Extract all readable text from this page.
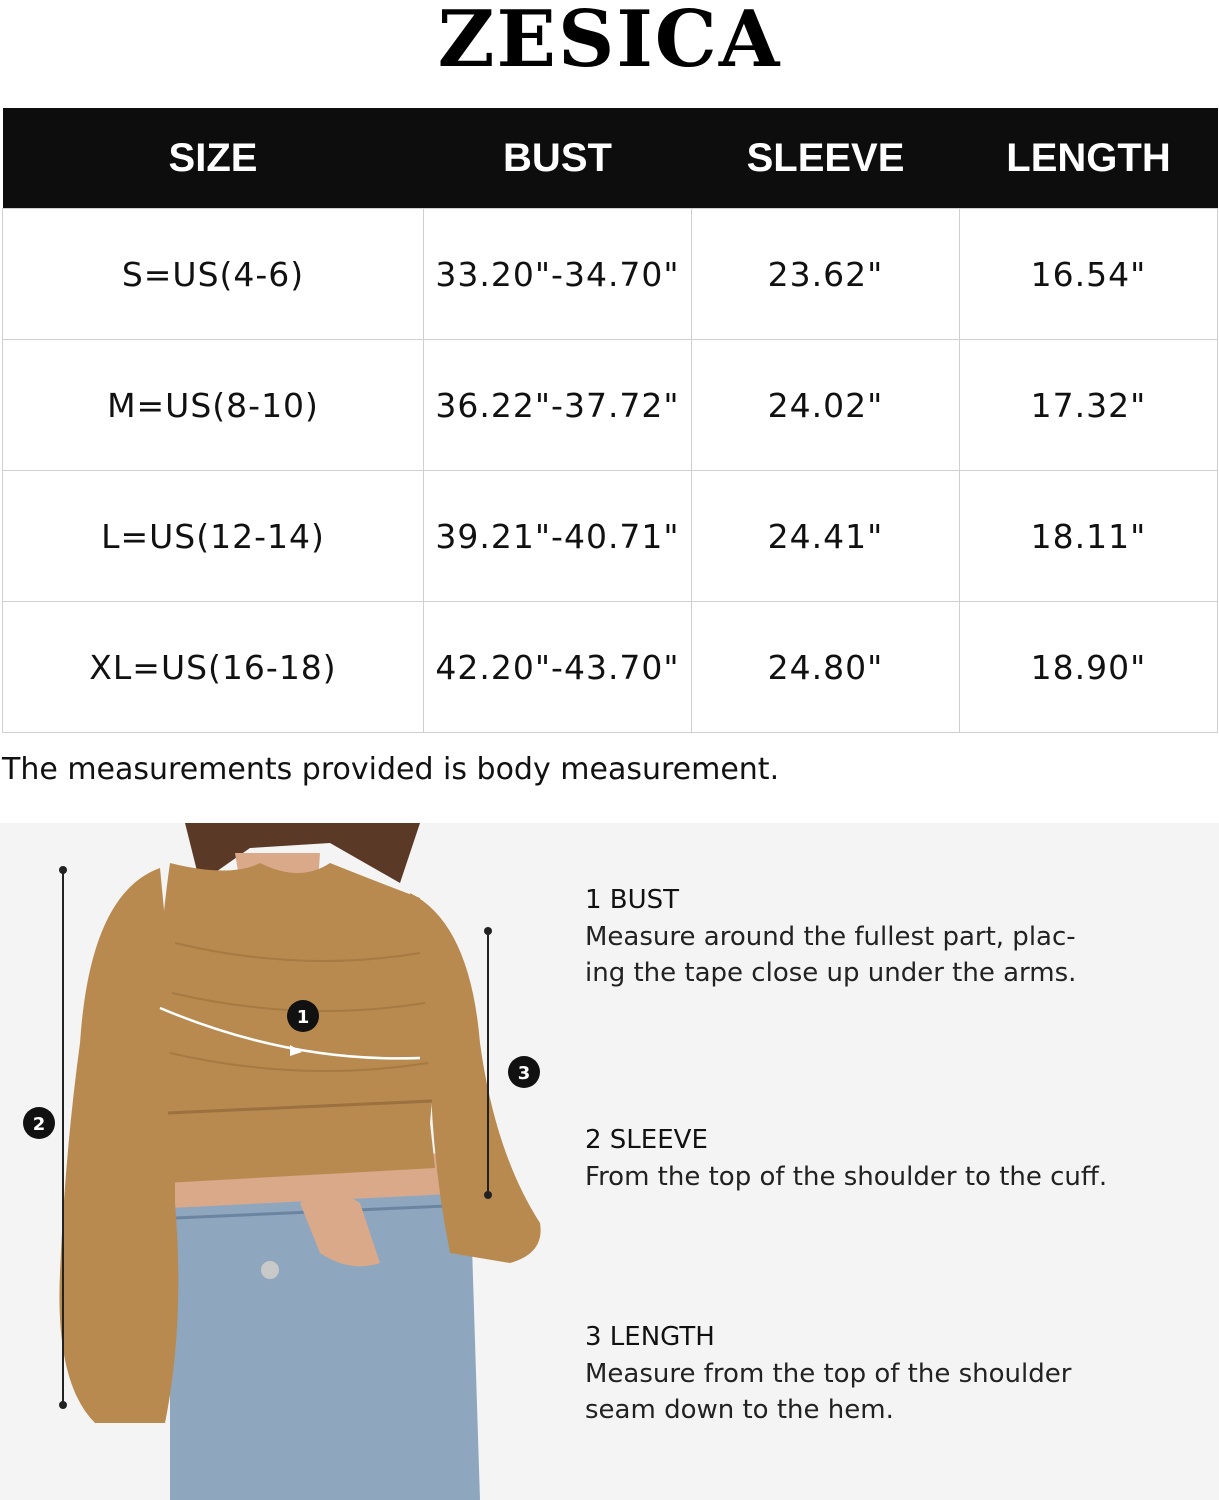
ZESICA
SIZE	BUST	SLEEVE	LENGTH
S=US(4-6)	33.20"-34.70"	23.62"	16.54"
M=US(8-10)	36.22"-37.72"	24.02"	17.32"
L=US(12-14)	39.21"-40.71"	24.41"	18.11"
XL=US(16-18)	42.20"-43.70"	24.80"	18.90"
The measurements provided is body measurement.
1
2
3
1 BUST
Measure around the fullest part, plac-
ing the tape close up under the arms.
2 SLEEVE
From the top of the shoulder to the cuff.
3 LENGTH
Measure from the top of the shoulder
seam down to the hem.
